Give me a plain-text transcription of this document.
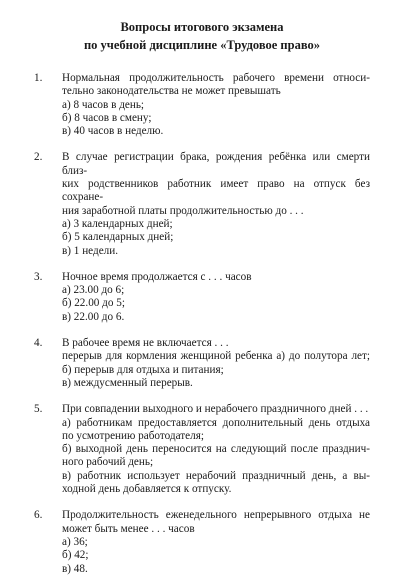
Вопросы итогового экзамена
по учебной дисциплине «Трудовое право»
1. Нормальная продолжительность рабочего времени относи-
тельно законодательства не может превышать
а) 8 часов в день;
б) 8 часов в смену;
в) 40 часов в неделю.
2. В случае регистрации брака, рождения ребёнка или смерти близ-
ких родственников работник имеет право на отпуск без сохране-
ния заработной платы продолжительностью до . . .
а) 3 календарных дней;
б) 5 календарных дней;
в) 1 недели.
3. Ночное время продолжается с . . . часов
а) 23.00 до 6;
б) 22.00 до 5;
в) 22.00 до 6.
4. В рабочее время не включается . . .
перерыв для кормления женщиной ребенка а) до полутора лет;
б) перерыв для отдыха и питания;
в) междусменный перерыв.
5. При совпадении выходного и нерабочего праздничного дней . . .
а) работникам предоставляется дополнительный день отдыха
по усмотрению работодателя;
б) выходной день переносится на следующий после празднич-
ного рабочий день;
в) работник использует нерабочий праздничный день, а вы-
ходной день добавляется к отпуску.
6. Продолжительность еженедельного непрерывного отдыха не
может быть менее . . . часов
а) 36;
б) 42;
в) 48.
